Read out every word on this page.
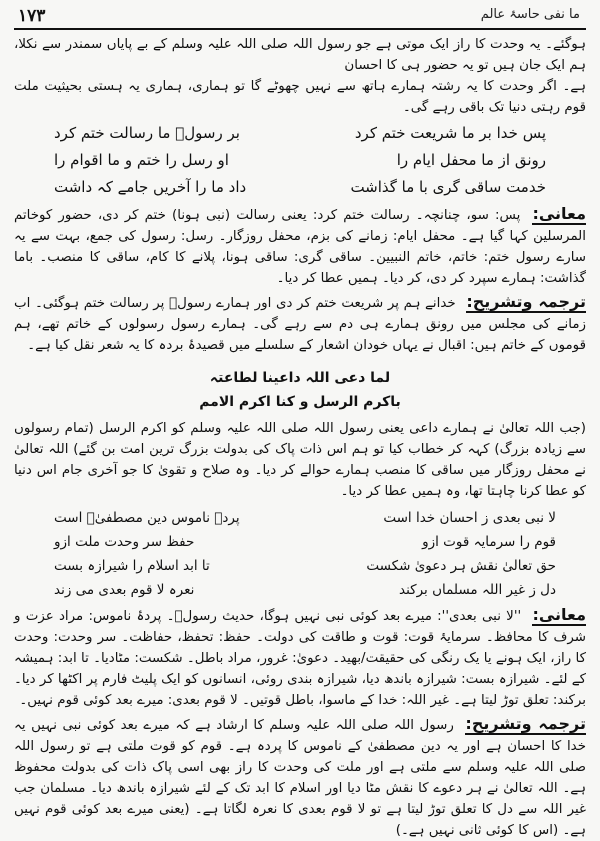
۱۷۳	ما نفی حاسۂ عالم

ہوگئے۔ یہ وحدت کا راز ایک موتی ہے جو رسول اللہ صلی اللہ علیہ وسلم کے بے پایاں سمندر سے نکلا، ہم ایک جان ہیں تو یہ حضور ہی کا احسان

ہے۔ اگر وحدت کا یہ رشتہ ہمارے ہاتھ سے نہیں چھوٹے گا تو ہماری، ہماری یہ ہستی بحیثیت ملت قوم رہتی دنیا تک باقی رہے گی۔

پس خدا بر ما شریعت ختم کرد
بر رسولؐ ما رسالت ختم کرد
رونق از ما محفل ایام را
او رسل را ختم و ما اقوام را
خدمت ساقی گری با ما گذاشت
داد ما را آخریں جامے کہ داشت

معانی: پس: سو، چنانچہ۔ رسالت ختم کرد: یعنی رسالت (نبی ہونا) ختم کر دی، حضور کوخاتم المرسلین کہا گیا ہے۔ محفل ایام: زمانے کی بزم، محفل روزگار۔ رسل: رسول کی جمع، بہت سے یہ سارے رسول ختم: خاتم، خاتم النبیین۔ ساقی گری: ساقی ہونا، پلانے کا کام، ساقی کا منصب۔ باما گذاشت: ہمارے سپرد کر دی، کر دیا۔ ہمیں عطا کر دیا۔

ترجمہ وتشریح: خدانے ہم پر شریعت ختم کر دی اور ہمارے رسولؐ پر رسالت ختم ہوگئی۔ اب زمانے کی مجلس میں رونق ہمارے ہی دم سے رہے گی۔ ہمارے رسول رسولوں کے خاتم تھے، ہم قوموں کے خاتم ہیں: اقبال نے یہاں خودان اشعار کے سلسلے میں قصیدۂ بردہ کا یہ شعر نقل کیا ہے۔

لما دعی اللہ داعینا لطاعتہ
باکرم الرسل و کنا اکرم الامم

(جب اللہ تعالیٰ نے ہمارے داعی یعنی رسول اللہ صلی اللہ علیہ وسلم کو اکرم الرسل (تمام رسولوں سے زیادہ بزرگ) کہہ کر خطاب کیا تو ہم اس ذات پاک کی بدولت بزرگ ترین امت بن گئے) اللہ تعالیٰ نے محفل روزگار میں ساقی کا منصب ہمارے حوالے کر دیا۔ وہ صلاح و تقویٰ کا جو آخری جام اس دنیا کو عطا کرنا چاہتا تھا، وہ ہمیں عطا کر دیا۔

لا نبی بعدی ز احسان خدا است
پردہ ناموس دین مصطفیٰؐ است
قوم را سرمایہ قوت ازو
حفظ سر وحدت ملت ازو
حق تعالیٰ نقش ہر دعویٰ شکست
تا ابد اسلام را شیرازہ بست
دل ز غیر اللہ مسلماں برکند
نعرہ لا قوم بعدی می زند

معانی: ''لا نبی بعدی'': میرے بعد کوئی نبی نہیں ہوگا، حدیث رسولؐ۔ پردۂ ناموس: مراد عزت و شرف کا محافظ۔ سرمایۂ قوت: قوت و طاقت کی دولت۔ حفظ: تحفظ، حفاظت۔ سر وحدت: وحدت کا راز، ایک ہونے یا یک رنگی کی حقیقت/بھید۔ دعویٰ: غرور، مراد باطل۔ شکست: مٹادیا۔ تا ابد: ہمیشہ کے لئے۔ شیرازہ بست: شیرازہ باندھ دیا، شیرازہ بندی روئی، انسانوں کو ایک پلیٹ فارم پر اکٹھا کر دیا۔ برکند: تعلق توڑ لیتا ہے۔ غیر اللہ: خدا کے ماسوا، باطل قوتیں۔ لا قوم بعدی: میرے بعد کوئی قوم نہیں۔

ترجمہ وتشریح: رسول اللہ صلی اللہ علیہ وسلم کا ارشاد ہے کہ میرے بعد کوئی نبی نہیں یہ خدا کا احسان ہے اور یہ دین مصطفیٰ کے ناموس کا پردہ ہے۔ قوم کو قوت ملتی ہے تو رسول اللہ صلی اللہ علیہ وسلم سے ملتی ہے اور ملت کی وحدت کا راز بھی اسی پاک ذات کی بدولت محفوظ ہے۔ اللہ تعالیٰ نے ہر دعوے کا نقش مٹا دیا اور اسلام کا ابد تک کے لئے شیرازہ باندھ دیا۔ مسلمان جب غیر اللہ سے دل کا تعلق توڑ لیتا ہے تو لا قوم بعدی کا نعرہ لگاتا ہے۔ (یعنی میرے بعد کوئی قوم نہیں ہے۔ (اس کا کوئی ثانی نہیں ہے۔)
